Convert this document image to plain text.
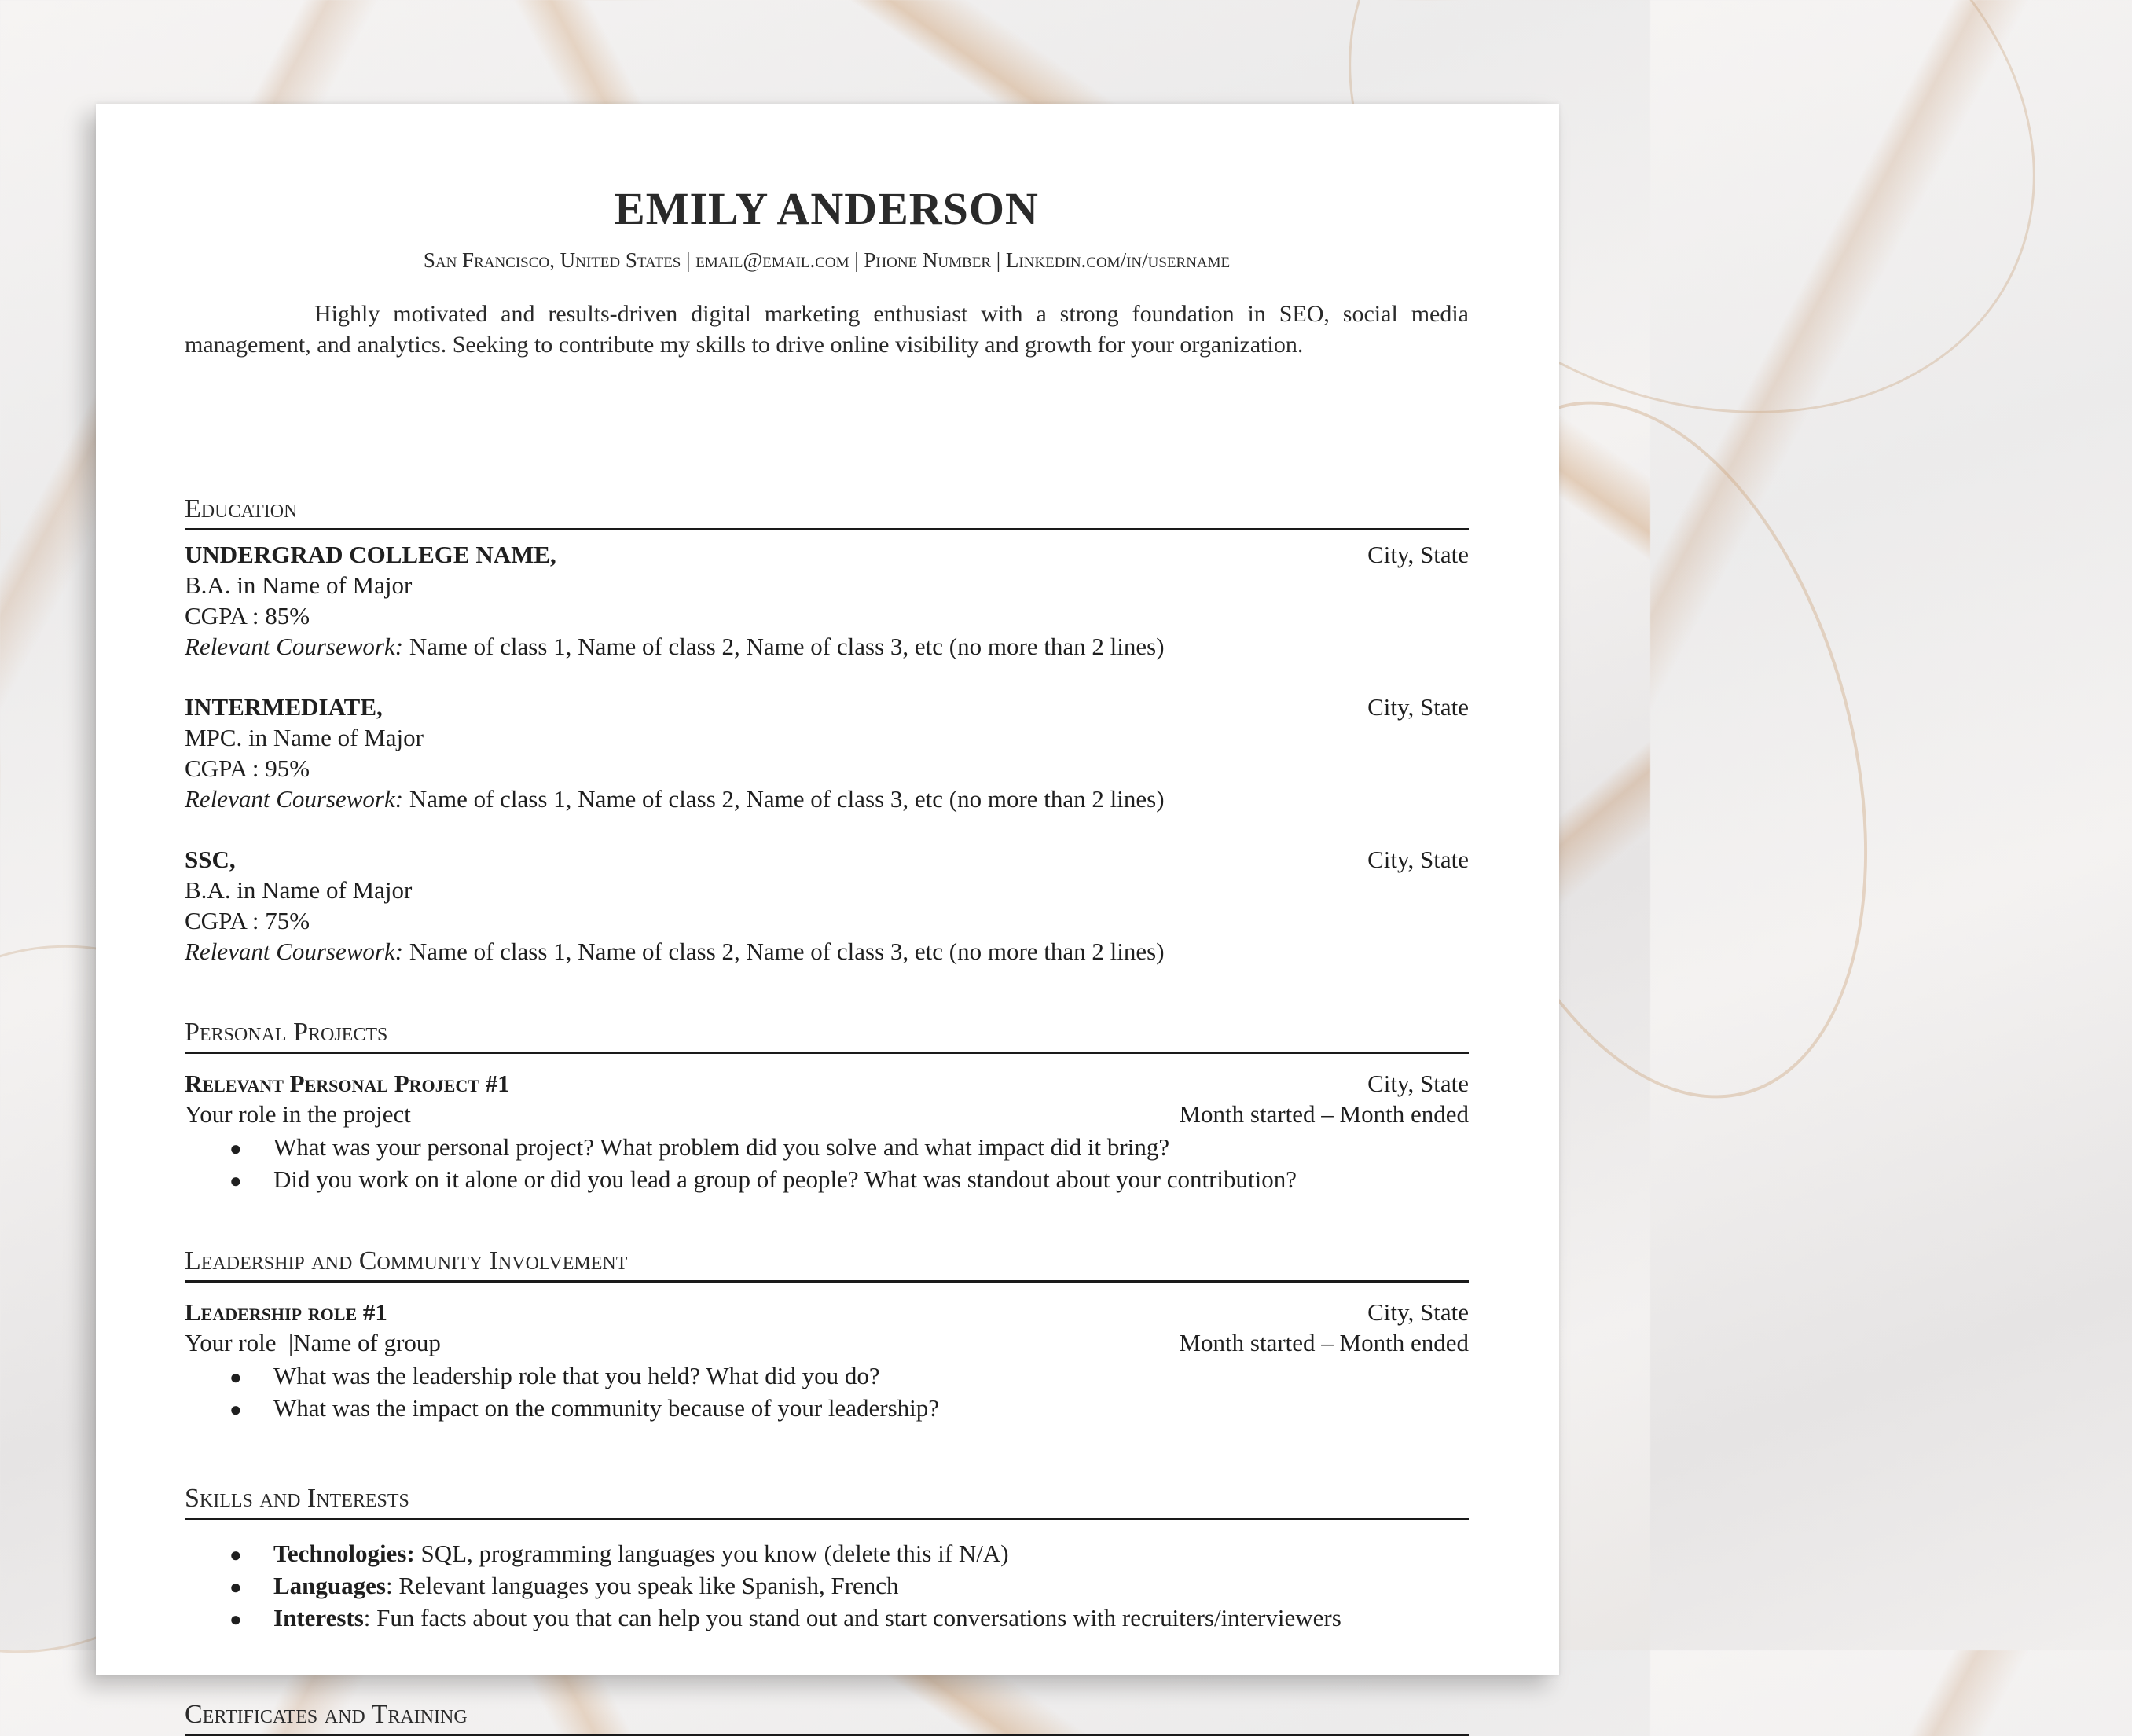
EMILY ANDERSON
San Francisco, United States | email@email.com | Phone Number | Linkedin.com/in/username
Highly motivated and results-driven digital marketing enthusiast with a strong foundation in SEO, social media management, and analytics. Seeking to contribute my skills to drive online visibility and growth for your organization.
Education
UNDERGRAD COLLEGE NAME,	City, State
B.A. in Name of Major
CGPA : 85%
Relevant Coursework: Name of class 1, Name of class 2, Name of class 3, etc (no more than 2 lines)
INTERMEDIATE,	City, State
MPC. in Name of Major
CGPA : 95%
Relevant Coursework: Name of class 1, Name of class 2, Name of class 3, etc (no more than 2 lines)
SSC,	City, State
B.A. in Name of Major
CGPA : 75%
Relevant Coursework: Name of class 1, Name of class 2, Name of class 3, etc (no more than 2 lines)
Personal Projects
Relevant Personal Project #1	City, State
Your role in the project	Month started – Month ended
● What was your personal project? What problem did you solve and what impact did it bring?
● Did you work on it alone or did you lead a group of people? What was standout about your contribution?
Leadership and Community Involvement
Leadership role #1	City, State
Your role  |Name of group	Month started – Month ended
● What was the leadership role that you held? What did you do?
● What was the impact on the community because of your leadership?
Skills and Interests
● Technologies: SQL, programming languages you know (delete this if N/A)
● Languages: Relevant languages you speak like Spanish, French
● Interests: Fun facts about you that can help you stand out and start conversations with recruiters/interviewers
Certificates and Training
